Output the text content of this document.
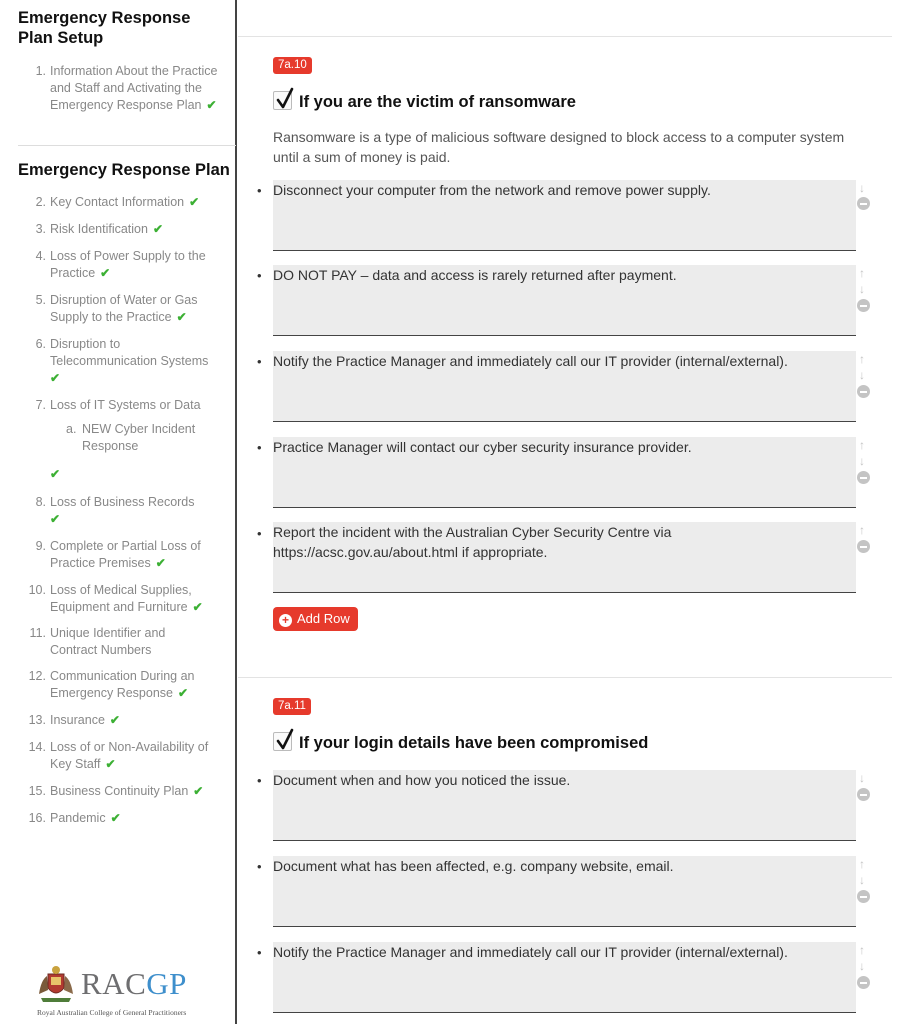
Emergency Response Plan Setup
1. Information About the Practice and Staff and Activating the Emergency Response Plan ✔
Emergency Response Plan
2. Key Contact Information ✔
3. Risk Identification ✔
4. Loss of Power Supply to the Practice ✔
5. Disruption of Water or Gas Supply to the Practice ✔
6. Disruption to Telecommunication Systems
✔
7. Loss of IT Systems or Data
a. NEW Cyber Incident Response
✔
8. Loss of Business Records
✔
9. Complete or Partial Loss of Practice Premises ✔
10. Loss of Medical Supplies, Equipment and Furniture ✔
11. Unique Identifier and Contract Numbers
12. Communication During an Emergency Response ✔
13. Insurance ✔
14. Loss of or Non-Availability of Key Staff ✔
15. Business Continuity Plan ✔
16. Pandemic ✔
RACGP
Royal Australian College of General Practitioners
7a.10
If you are the victim of ransomware
Ransomware is a type of malicious software designed to block access to a computer system until a sum of money is paid.
• Disconnect your computer from the network and remove power supply.	↓
• DO NOT PAY – data and access is rarely returned after payment.	↑
↓
• Notify the Practice Manager and immediately call our IT provider (internal/external).	↑
↓
• Practice Manager will contact our cyber security insurance provider.	↑
↓
• Report the incident with the Australian Cyber Security Centre via https://acsc.gov.au/about.html if appropriate.
↑
+ Add Row
7a.11
If your login details have been compromised
• Document when and how you noticed the issue.	↓
• Document what has been affected, e.g. company website, email.	↑
↓
• Notify the Practice Manager and immediately call our IT provider (internal/external).	↑
↓
